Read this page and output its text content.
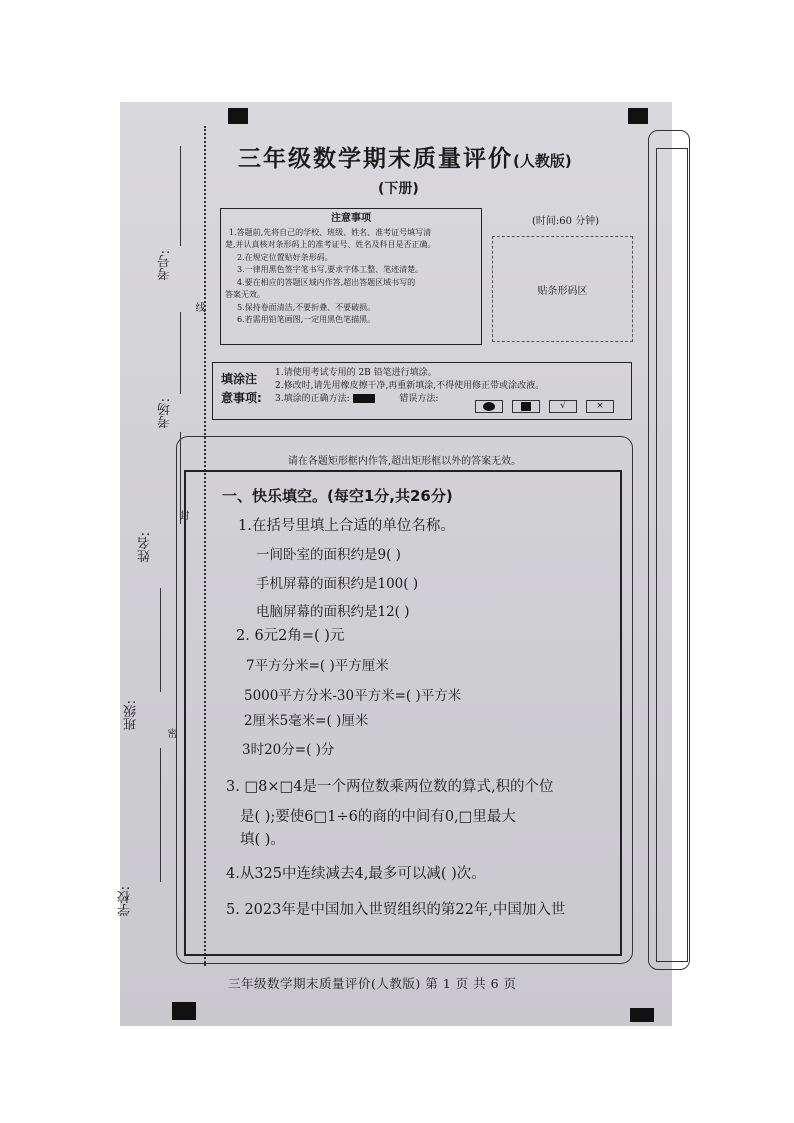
考号:
考场:
姓名:
班级:
学校:
线
封
密
三年级数学期末质量评价(人教版)
(下册)
注意事项
1.答题前,先将自己的学校、班级、姓名、准考证号填写清
楚,并认真核对条形码上的准考证号、姓名及科目是否正确。
2.在规定位置贴好条形码。
3.一律用黑色签字笔书写,要求字体工整、笔迹清楚。
4.要在相应的答题区域内作答,超出答题区域书写的
答案无效。
5.保持卷面清洁,不要折叠、不要破损。
6.若需用铅笔画图,一定用黑色笔描黑。
(时间:60 分钟)
贴条形码区
填涂注
意事项:
1.请使用考试专用的 2B 铅笔进行填涂。
2.修改时,请先用橡皮擦干净,再重新填涂,不得使用修正带或涂改液。
3.填涂的正确方法:	错误方法:
√	×
请在各题矩形框内作答,超出矩形框以外的答案无效。
一、快乐填空。(每空1分,共26分)
1.在括号里填上合适的单位名称。
一间卧室的面积约是9( )
手机屏幕的面积约是100( )
电脑屏幕的面积约是12( )
2. 6元2角=( )元
7平方分米=( )平方厘米
5000平方分米-30平方米=( )平方米
2厘米5毫米=( )厘米
3时20分=( )分
3. □8×□4是一个两位数乘两位数的算式,积的个位
是( );要使6□1÷6的商的中间有0,□里最大
填( )。
4.从325中连续减去4,最多可以减( )次。
5. 2023年是中国加入世贸组织的第22年,中国加入世
三年级数学期末质量评价(人教版) 第 1 页 共 6 页
